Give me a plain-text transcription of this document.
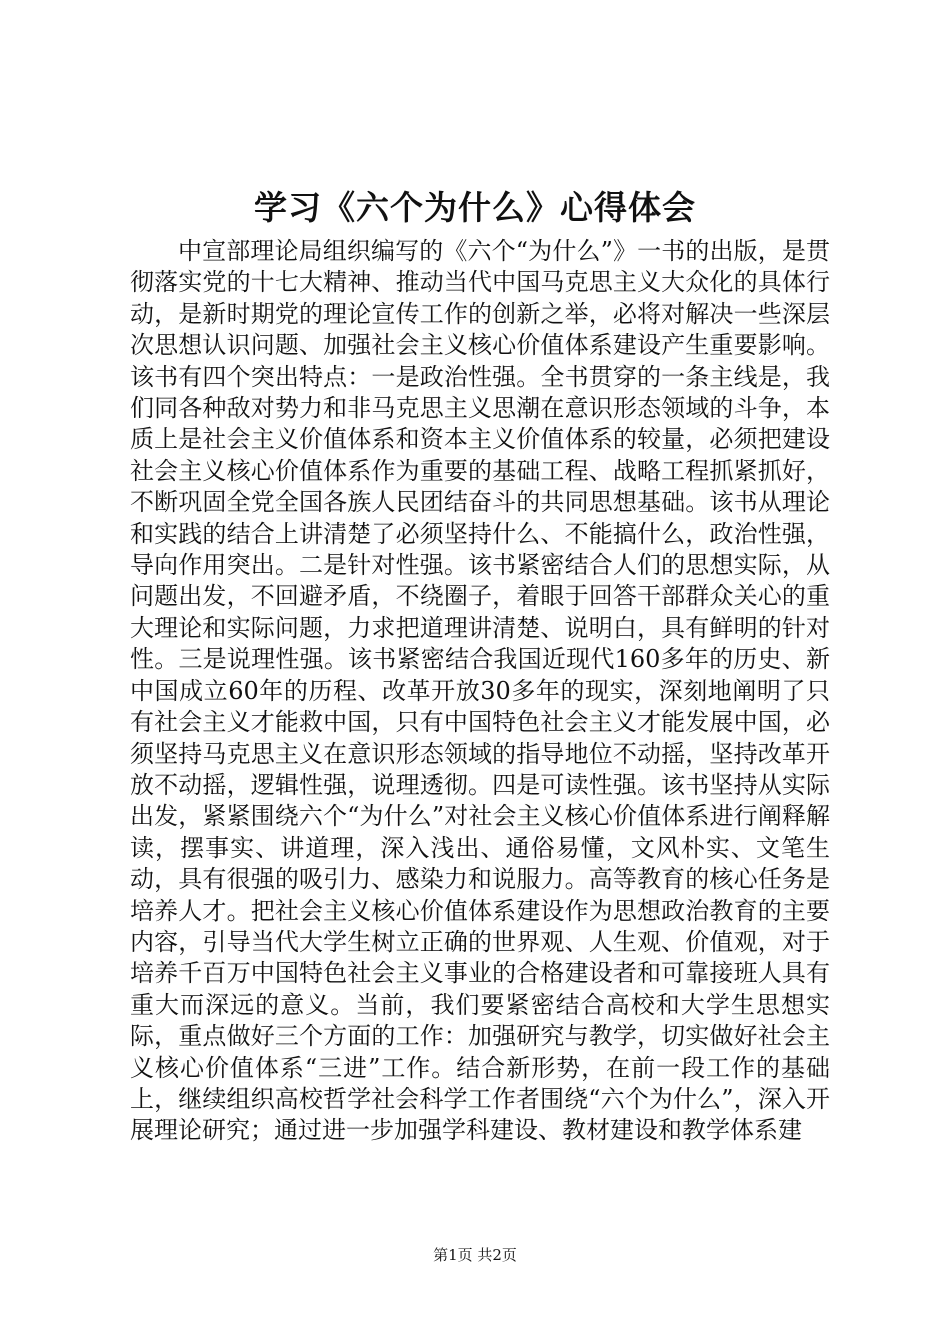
学习《六个为什么》心得体会

中宣部理论局组织编写的《六个“为什么”》一书的出版，是贯彻落实党的十七大精神、推动当代中国马克思主义大众化的具体行动，是新时期党的理论宣传工作的创新之举，必将对解决一些深层次思想认识问题、加强社会主义核心价值体系建设产生重要影响。该书有四个突出特点：一是政治性强。全书贯穿的一条主线是，我们同各种敌对势力和非马克思主义思潮在意识形态领域的斗争，本质上是社会主义价值体系和资本主义价值体系的较量，必须把建设社会主义核心价值体系作为重要的基础工程、战略工程抓紧抓好，不断巩固全党全国各族人民团结奋斗的共同思想基础。该书从理论和实践的结合上讲清楚了必须坚持什么、不能搞什么，政治性强，导向作用突出。二是针对性强。该书紧密结合人们的思想实际，从问题出发，不回避矛盾，不绕圈子，着眼于回答干部群众关心的重大理论和实际问题，力求把道理讲清楚、说明白，具有鲜明的针对性。三是说理性强。该书紧密结合我国近现代160多年的历史、新中国成立60年的历程、改革开放30多年的现实，深刻地阐明了只有社会主义才能救中国，只有中国特色社会主义才能发展中国，必须坚持马克思主义在意识形态领域的指导地位不动摇，坚持改革开放不动摇，逻辑性强，说理透彻。四是可读性强。该书坚持从实际出发，紧紧围绕六个“为什么”对社会主义核心价值体系进行阐释解读，摆事实、讲道理，深入浅出、通俗易懂，文风朴实、文笔生动，具有很强的吸引力、感染力和说服力。高等教育的核心任务是培养人才。把社会主义核心价值体系建设作为思想政治教育的主要内容，引导当代大学生树立正确的世界观、人生观、价值观，对于培养千百万中国特色社会主义事业的合格建设者和可靠接班人具有重大而深远的意义。当前，我们要紧密结合高校和大学生思想实际，重点做好三个方面的工作：加强研究与教学，切实做好社会主义核心价值体系“三进”工作。结合新形势，在前一段工作的基础上，继续组织高校哲学社会科学工作者围绕“六个为什么”，深入开展理论研究；通过进一步加强学科建设、教材建设和教学体系建

第1页 共2页
